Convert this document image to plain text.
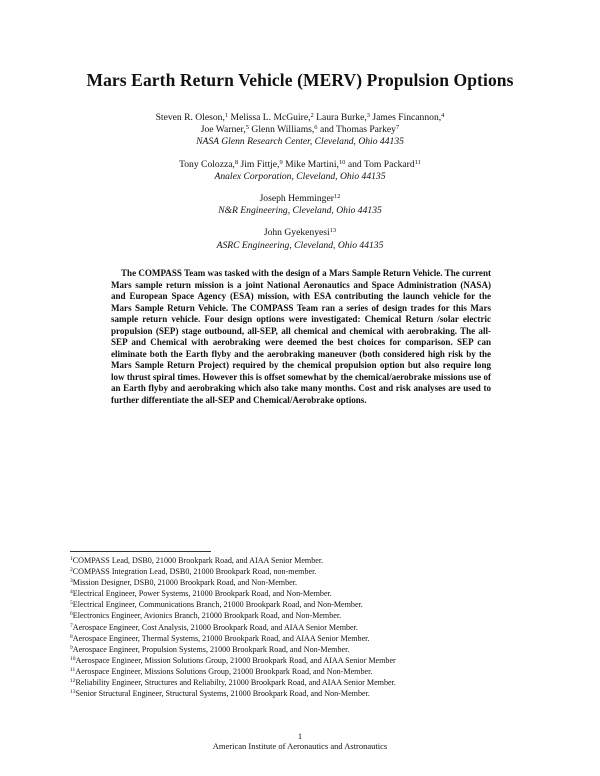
Mars Earth Return Vehicle (MERV) Propulsion Options
Steven R. Oleson,$^1$ Melissa L. McGuire,$^2$ Laura Burke,$^3$ James Fincannon,$^4$
Joe Warner,$^5$ Glenn Williams,$^6$ and Thomas Parkey$^7$
NASA Glenn Research Center, Cleveland, Ohio 44135
Tony Colozza,$^8$ Jim Fittje,$^9$ Mike Martini,$^{10}$ and Tom Packard$^{11}$
Analex Corporation, Cleveland, Ohio 44135
Joseph Hemminger$^{12}$
N&R Engineering, Cleveland, Ohio 44135
John Gyekenyesi$^{13}$
ASRC Engineering, Cleveland, Ohio 44135
The COMPASS Team was tasked with the design of a Mars Sample Return Vehicle. The current Mars sample return mission is a joint National Aeronautics and Space Administration (NASA) and European Space Agency (ESA) mission, with ESA contributing the launch vehicle for the Mars Sample Return Vehicle. The COMPASS Team ran a series of design trades for this Mars sample return vehicle. Four design options were investigated: Chemical Return /solar electric propulsion (SEP) stage outbound, all-SEP, all chemical and chemical with aerobraking. The all-SEP and Chemical with aerobraking were deemed the best choices for comparison. SEP can eliminate both the Earth flyby and the aerobraking maneuver (both considered high risk by the Mars Sample Return Project) required by the chemical propulsion option but also require long low thrust spiral times. However this is offset somewhat by the chemical/aerobrake missions use of an Earth flyby and aerobraking which also take many months. Cost and risk analyses are used to further differentiate the all-SEP and Chemical/Aerobrake options.
$^1$COMPASS Lead, DSB0, 21000 Brookpark Road, and AIAA Senior Member.
$^2$COMPASS Integration Lead, DSB0, 21000 Brookpark Road, non-member.
$^3$Mission Designer, DSB0, 21000 Brookpark Road, and Non-Member.
$^4$Electrical Engineer, Power Systems, 21000 Brookpark Road, and Non-Member.
$^5$Electrical Engineer, Communications Branch, 21000 Brookpark Road, and Non-Member.
$^6$Electronics Engineer, Avionics Branch, 21000 Brookpark Road, and Non-Member.
$^7$Aerospace Engineer, Cost Analysis, 21000 Brookpark Road, and AIAA Senior Member.
$^8$Aerospace Engineer, Thermal Systems, 21000 Brookpark Road, and AIAA Senior Member.
$^9$Aerospace Engineer, Propulsion Systems, 21000 Brookpark Road, and Non-Member.
$^{10}$Aerospace Engineer, Mission Solutions Group, 21000 Brookpark Road, and AIAA Senior Member
$^{11}$Aerospace Engineer, Missions Solutions Group, 21000 Brookpark Road, and Non-Member.
$^{12}$Reliability Engineer, Structures and Reliabilty, 21000 Brookpark Road, and AIAA Senior Member.
$^{13}$Senior Structural Engineer, Structural Systems, 21000 Brookpark Road, and Non-Member.
1
American Institute of Aeronautics and Astronautics
